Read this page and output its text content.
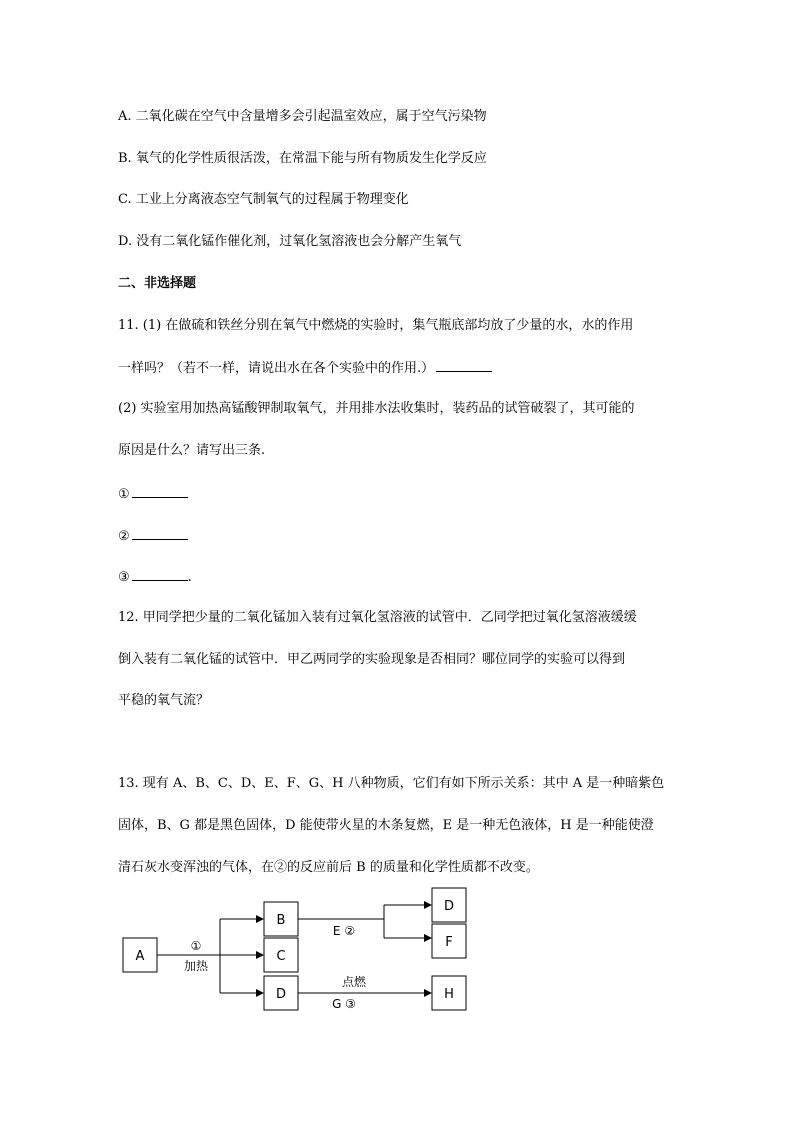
A. 二氧化碳在空气中含量增多会引起温室效应，属于空气污染物
B. 氧气的化学性质很活泼，在常温下能与所有物质发生化学反应
C. 工业上分离液态空气制氧气的过程属于物理变化
D. 没有二氧化锰作催化剂，过氧化氢溶液也会分解产生氧气
二、非选择题
11. (1) 在做硫和铁丝分别在氧气中燃烧的实验时，集气瓶底部均放了少量的水，水的作用
一样吗？（若不一样，请说出水在各个实验中的作用.）
(2) 实验室用加热高锰酸钾制取氧气，并用排水法收集时，装药品的试管破裂了，其可能的
原因是什么？请写出三条.
①
②
③	.
12. 甲同学把少量的二氧化锰加入装有过氧化氢溶液的试管中．乙同学把过氧化氢溶液缓缓
倒入装有二氧化锰的试管中．甲乙两同学的实验现象是否相同？哪位同学的实验可以得到
平稳的氧气流？
13. 现有 A、B、C、D、E、F、G、H 八种物质，它们有如下所示关系：其中 A 是一种暗紫色
固体，B、G 都是黑色固体，D 能使带火星的木条复燃，E 是一种无色液体，H 是一种能使澄
清石灰水变浑浊的气体，在②的反应前后 B 的质量和化学性质都不改变。
A
B
C
D
D
F
H
①
加热
E ②
点燃
G ③
